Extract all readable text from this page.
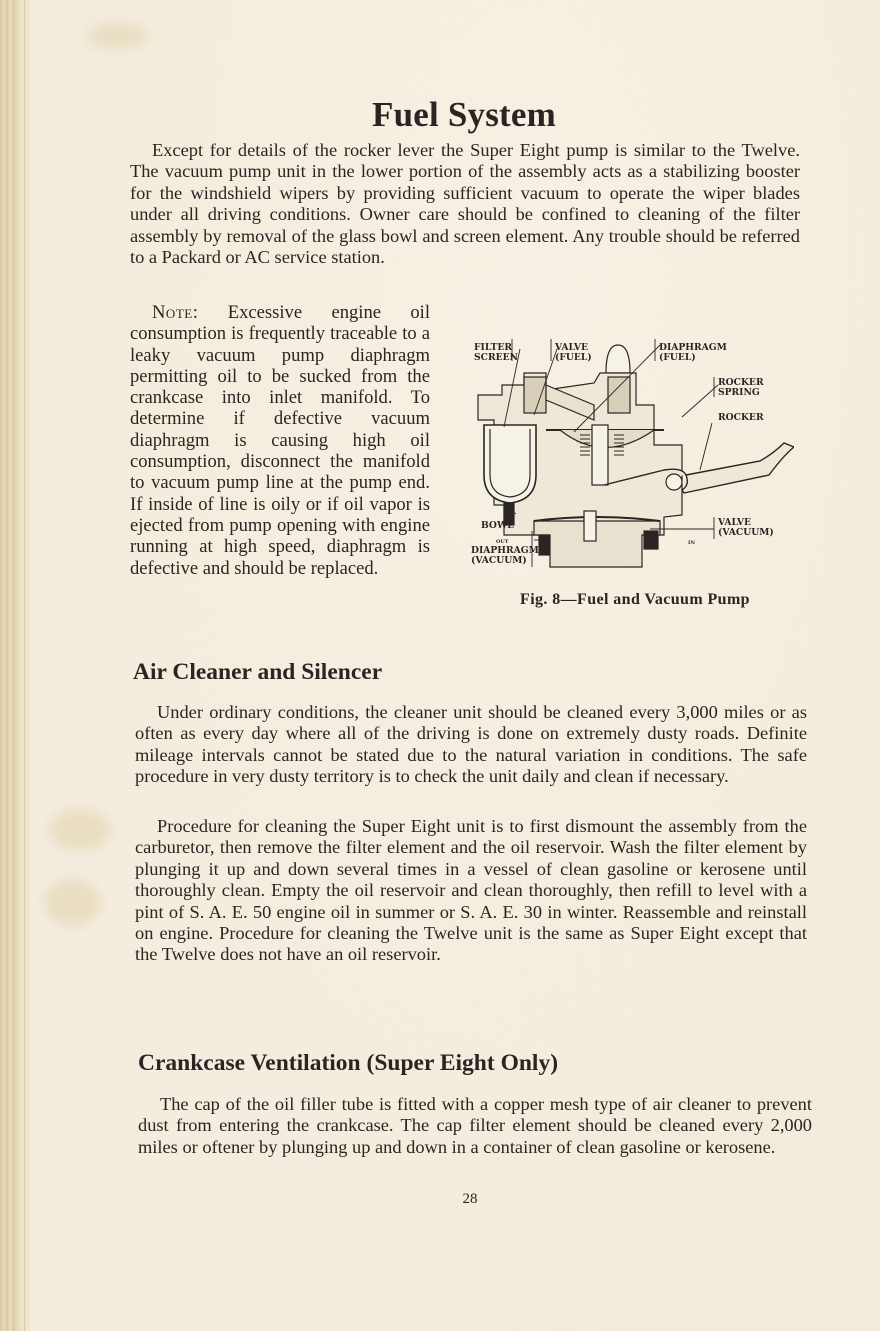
Fuel System

Except for details of the rocker lever the Super Eight pump is similar to the Twelve. The vacuum pump unit in the lower portion of the assembly acts as a stabilizing booster for the windshield wipers by providing sufficient vacuum to operate the wiper blades under all driving conditions. Owner care should be confined to cleaning of the filter assembly by removal of the glass bowl and screen element. Any trouble should be referred to a Packard or AC service station.

Note: Excessive engine oil consumption is frequently traceable to a leaky vacuum pump diaphragm permitting oil to be sucked from the crankcase into inlet manifold. To determine if defective vacuum diaphragm is causing high oil consumption, disconnect the manifold to vacuum pump line at the pump end. If inside of line is oily or if oil vapor is ejected from pump opening with engine running at high speed, diaphragm is defective and should be replaced.

FILTER
SCREEN
VALVE
(FUEL)
DIAPHRAGM
(FUEL)
ROCKER
SPRING
ROCKER
BOWL
OUT	IN
DIAPHRAGM
(VACUUM)
VALVE
(VACUUM)
Fig. 8—Fuel and Vacuum Pump
Air Cleaner and Silencer

Under ordinary conditions, the cleaner unit should be cleaned every 3,000 miles or as often as every day where all of the driving is done on extremely dusty roads. Definite mileage intervals cannot be stated due to the natural variation in conditions. The safe procedure in very dusty territory is to check the unit daily and clean if necessary.

Procedure for cleaning the Super Eight unit is to first dismount the assembly from the carburetor, then remove the filter element and the oil reservoir. Wash the filter element by plunging it up and down several times in a vessel of clean gasoline or kerosene until thoroughly clean. Empty the oil reservoir and clean thoroughly, then refill to level with a pint of S. A. E. 50 engine oil in summer or S. A. E. 30 in winter. Reassemble and reinstall on engine. Procedure for cleaning the Twelve unit is the same as Super Eight except that the Twelve does not have an oil reservoir.

Crankcase Ventilation (Super Eight Only)

The cap of the oil filler tube is fitted with a copper mesh type of air cleaner to prevent dust from entering the crankcase. The cap filter element should be cleaned every 2,000 miles or oftener by plunging up and down in a container of clean gasoline or kerosene.

28
